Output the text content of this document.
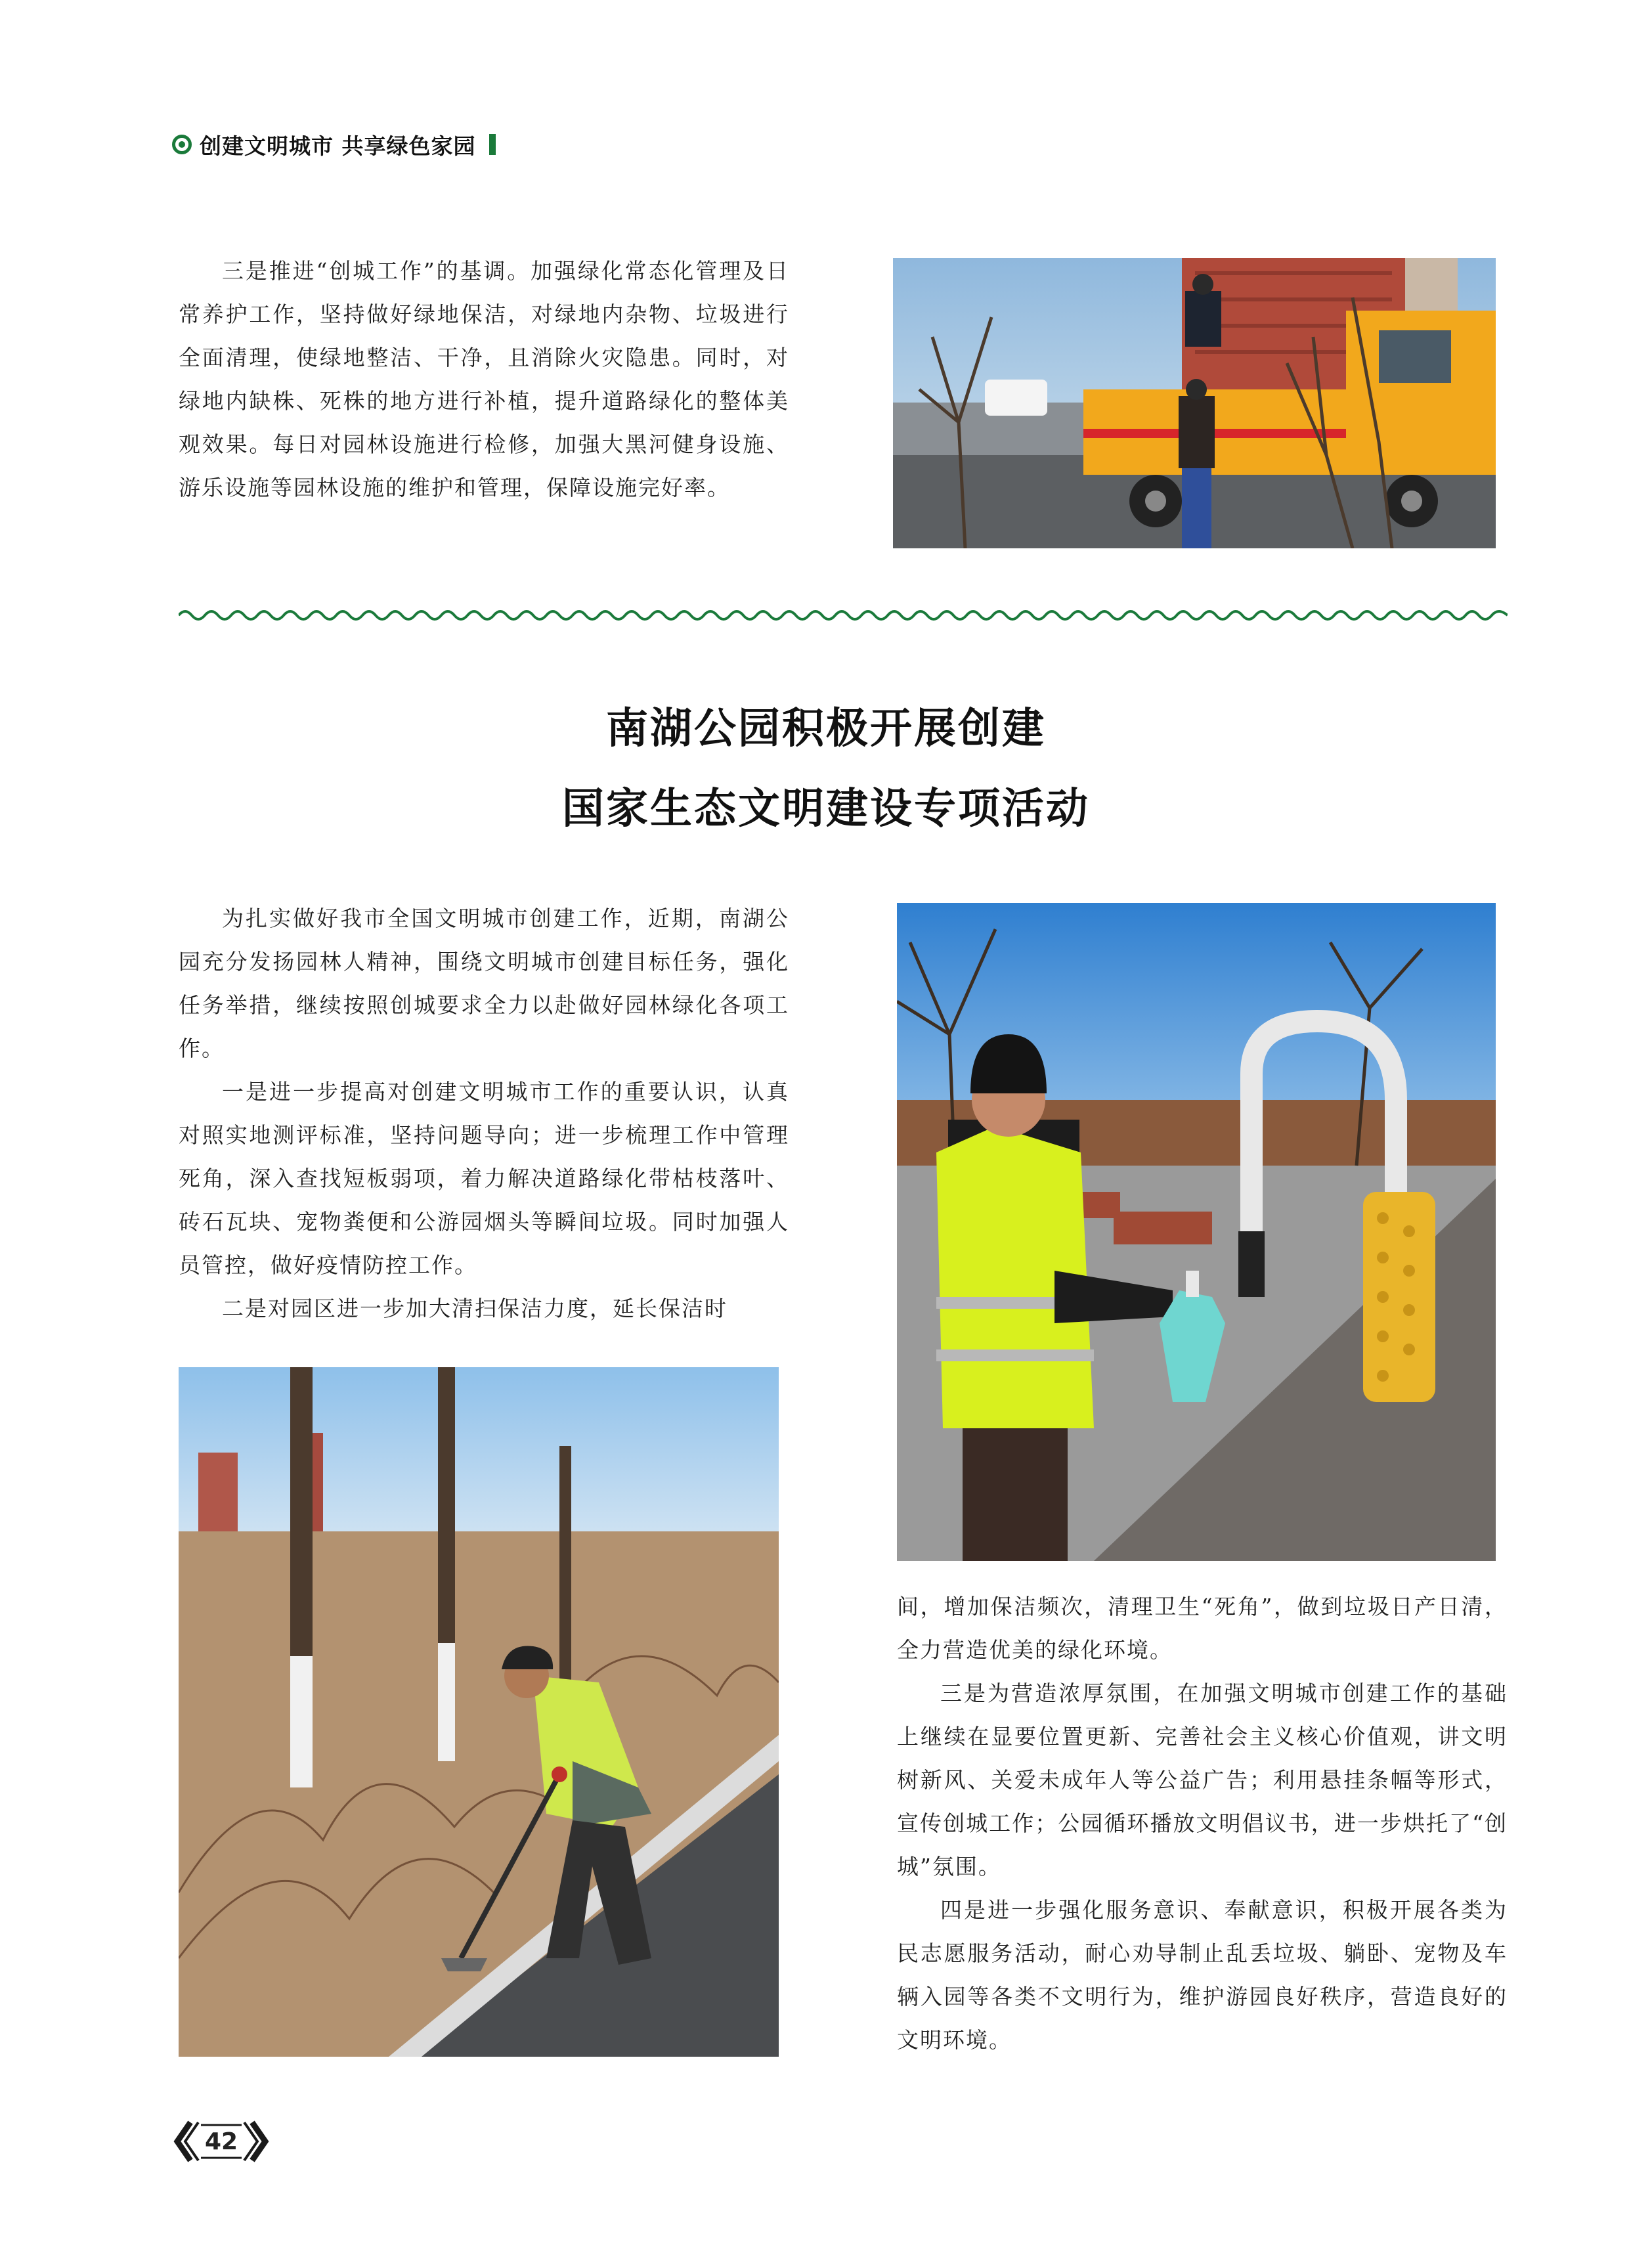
创建文明城市 共享绿色家园

三是推进“创城工作”的基调。加强绿化常态化管理及日常养护工作，坚持做好绿地保洁，对绿地内杂物、垃圾进行全面清理，使绿地整洁、干净，且消除火灾隐患。同时，对绿地内缺株、死株的地方进行补植，提升道路绿化的整体美观效果。每日对园林设施进行检修，加强大黑河健身设施、游乐设施等园林设施的维护和管理，保障设施完好率。

南湖公园积极开展创建
国家生态文明建设专项活动

为扎实做好我市全国文明城市创建工作，近期，南湖公园充分发扬园林人精神，围绕文明城市创建目标任务，强化任务举措，继续按照创城要求全力以赴做好园林绿化各项工作。

一是进一步提高对创建文明城市工作的重要认识，认真对照实地测评标准，坚持问题导向；进一步梳理工作中管理死角，深入查找短板弱项，着力解决道路绿化带枯枝落叶、砖石瓦块、宠物粪便和公游园烟头等瞬间垃圾。同时加强人员管控，做好疫情防控工作。

二是对园区进一步加大清扫保洁力度，延长保洁时

间，增加保洁频次，清理卫生“死角”，做到垃圾日产日清，全力营造优美的绿化环境。

三是为营造浓厚氛围，在加强文明城市创建工作的基础上继续在显要位置更新、完善社会主义核心价值观，讲文明树新风、关爱未成年人等公益广告；利用悬挂条幅等形式，宣传创城工作；公园循环播放文明倡议书，进一步烘托了“创城”氛围。

四是进一步强化服务意识、奉献意识，积极开展各类为民志愿服务活动，耐心劝导制止乱丢垃圾、躺卧、宠物及车辆入园等各类不文明行为，维护游园良好秩序，营造良好的文明环境。

42
